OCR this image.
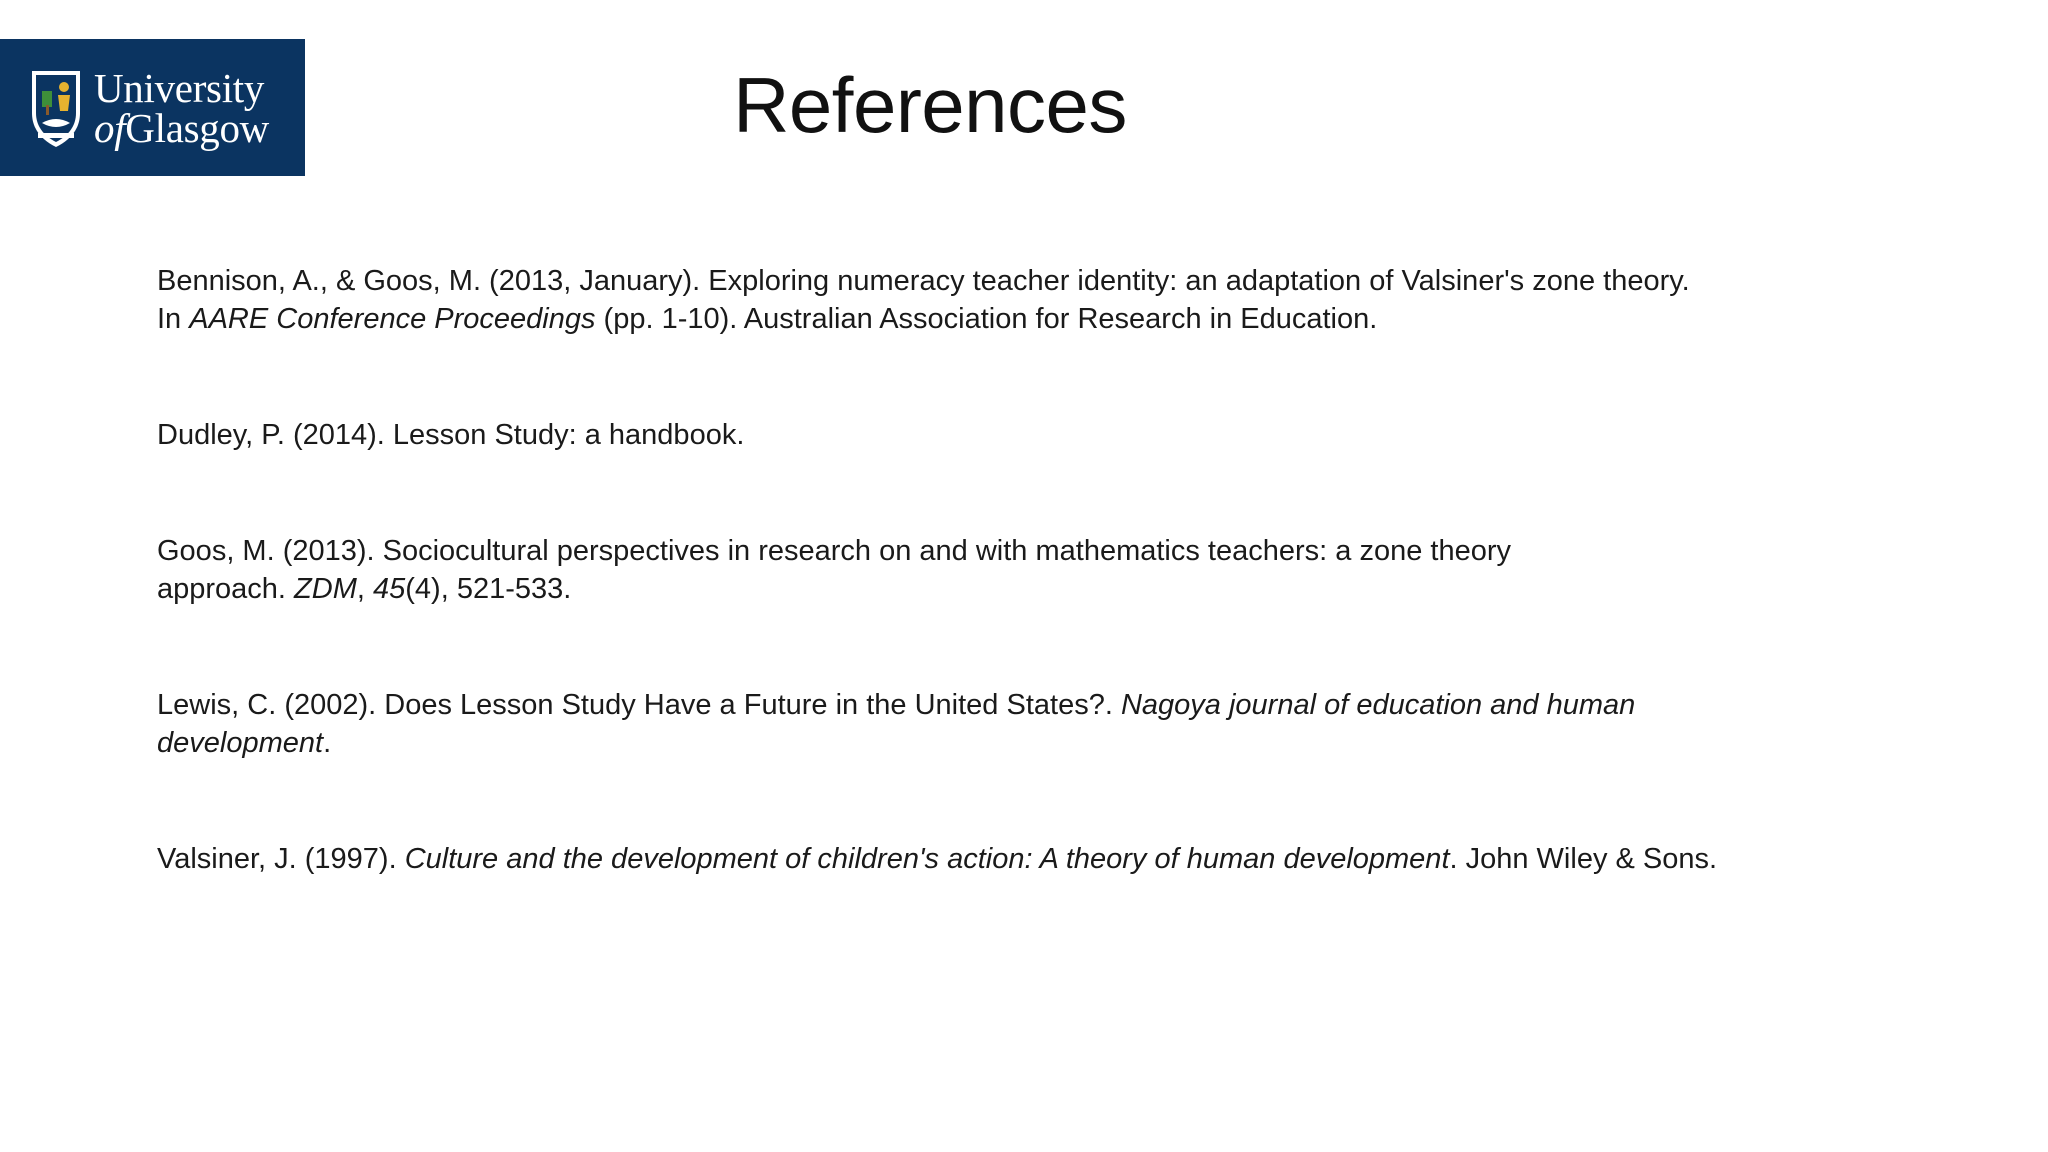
University
ofGlasgow	References

Bennison, A., & Goos, M. (2013, January). Exploring numeracy teacher identity: an adaptation of Valsiner's zone theory.
In AARE Conference Proceedings (pp. 1-10). Australian Association for Research in Education.

Dudley, P. (2014). Lesson Study: a handbook.

Goos, M. (2013). Sociocultural perspectives in research on and with mathematics teachers: a zone theory
approach. ZDM, 45(4), 521-533.

Lewis, C. (2002). Does Lesson Study Have a Future in the United States?. Nagoya journal of education and human
development.

Valsiner, J. (1997). Culture and the development of children's action: A theory of human development. John Wiley & Sons.
